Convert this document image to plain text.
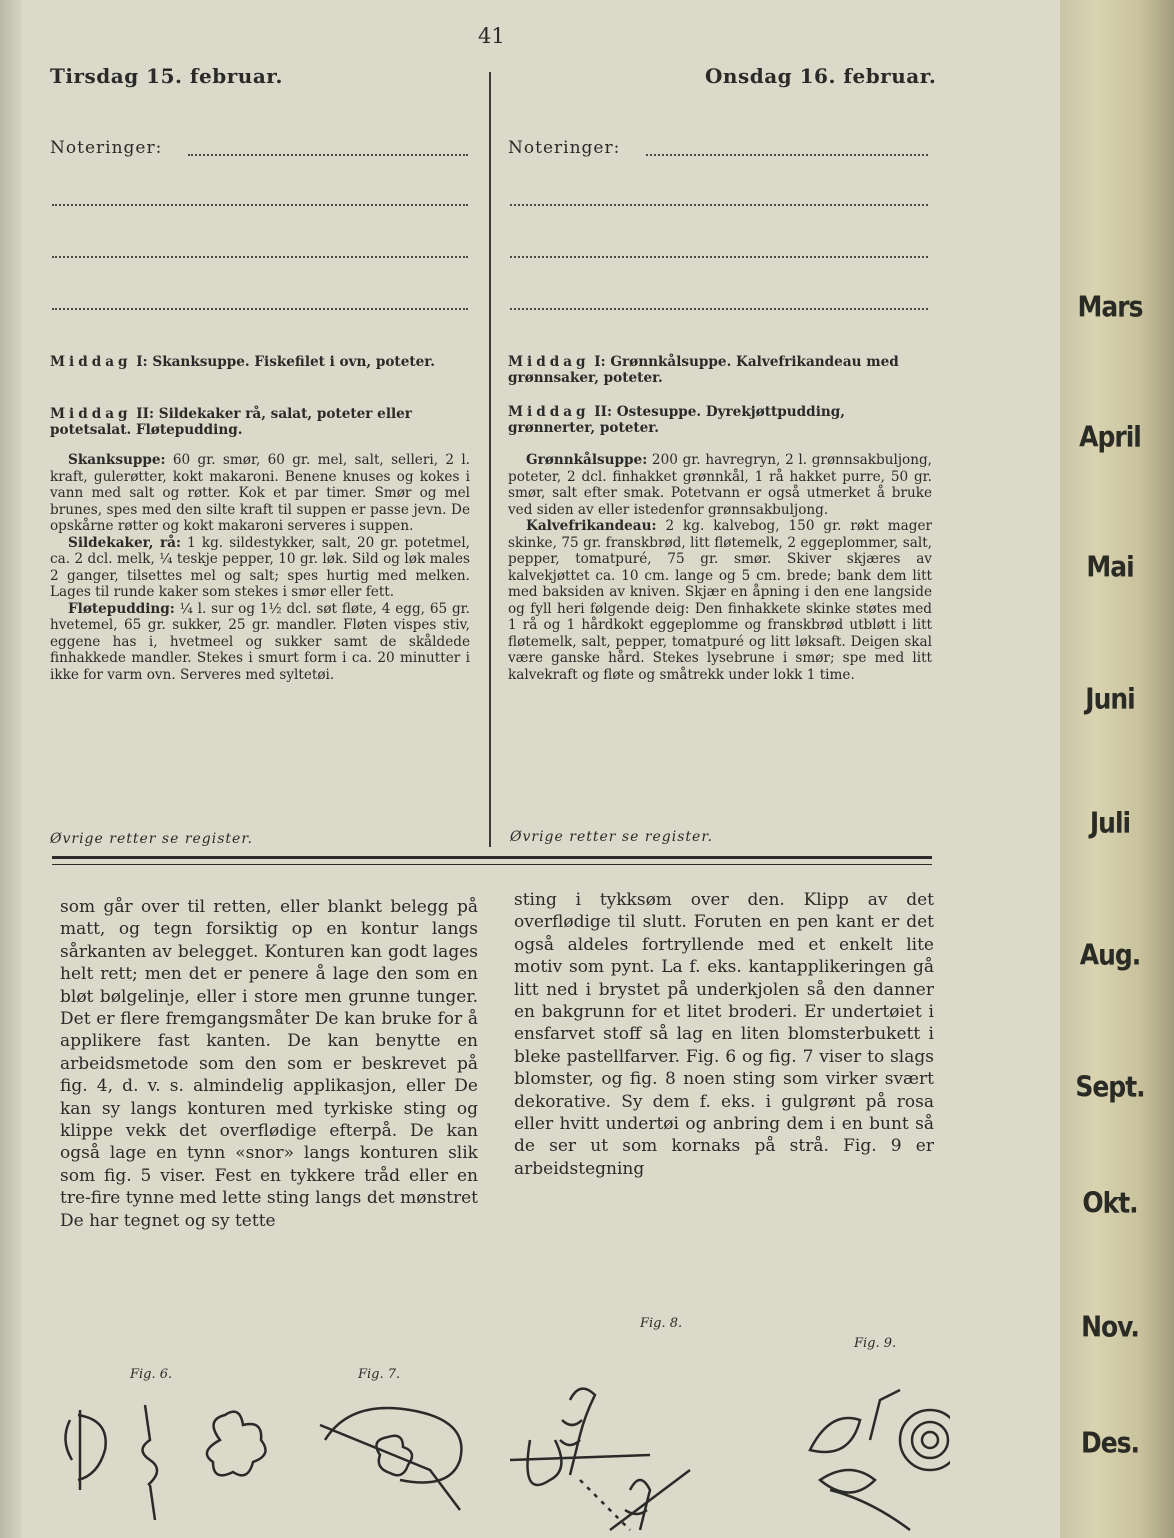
41
Tirsdag 15. februar.	Onsdag 16. februar.
Noteringer:	Noteringer:
Middag I: Skanksuppe. Fiskefilet i ovn, poteter.
Middag II: Sildekaker rå, salat, poteter eller potetsalat. Fløtepudding.

Skanksuppe: 60 gr. smør, 60 gr. mel, salt, selleri, 2 l. kraft, gulerøtter, kokt makaroni. Benene knuses og kokes i vann med salt og røtter. Kok et par timer. Smør og mel brunes, spes med den silte kraft til suppen er passe jevn. De opskårne røtter og kokt makaroni serveres i suppen.

Sildekaker, rå: 1 kg. sildestykker, salt, 20 gr. potetmel, ca. 2 dcl. melk, ¼ teskje pepper, 10 gr. løk. Sild og løk males 2 ganger, tilsettes mel og salt; spes hurtig med melken. Lages til runde kaker som stekes i smør eller fett.

Fløtepudding: ¼ l. sur og 1½ dcl. søt fløte, 4 egg, 65 gr. hvetemel, 65 gr. sukker, 25 gr. mandler. Fløten vispes stiv, eggene has i, hvetmeel og sukker samt de skåldede finhakkede mandler. Stekes i smurt form i ca. 20 minutter i ikke for varm ovn. Serveres med syltetøi.

Øvrige retter se register.
Middag I: Grønnkålsuppe. Kalvefrikandeau med grønnsaker, poteter.
Middag II: Ostesuppe. Dyrekjøttpudding, grønnerter, poteter.

Grønnkålsuppe: 200 gr. havregryn, 2 l. grønnsakbuljong, poteter, 2 dcl. finhakket grønnkål, 1 rå hakket purre, 50 gr. smør, salt efter smak. Potetvann er også utmerket å bruke ved siden av eller istedenfor grønnsakbuljong.

Kalvefrikandeau: 2 kg. kalvebog, 150 gr. røkt mager skinke, 75 gr. franskbrød, litt fløtemelk, 2 eggeplommer, salt, pepper, tomatpuré, 75 gr. smør. Skiver skjæres av kalvekjøttet ca. 10 cm. lange og 5 cm. brede; bank dem litt med baksiden av kniven. Skjær en åpning i den ene langside og fyll heri følgende deig: Den finhakkete skinke støtes med 1 rå og 1 hårdkokt eggeplomme og franskbrød utbløtt i litt fløtemelk, salt, pepper, tomatpuré og litt løksaft. Deigen skal være ganske hård. Stekes lysebrune i smør; spe med litt kalvekraft og fløte og småtrekk under lokk 1 time.

Øvrige retter se register.
som går over til retten, eller blankt belegg på matt, og tegn forsiktig op en kontur langs sårkanten av belegget. Konturen kan godt lages helt rett; men det er penere å lage den som en bløt bølgelinje, eller i store men grunne tunger. Det er flere fremgangsmåter De kan bruke for å applikere fast kanten. De kan benytte en arbeidsmetode som den som er beskrevet på fig. 4, d. v. s. almindelig applikasjon, eller De kan sy langs konturen med tyrkiske sting og klippe vekk det overflødige efterpå. De kan også lage en tynn «snor» langs konturen slik som fig. 5 viser. Fest en tykkere tråd eller en tre-fire tynne med lette sting langs det mønstret De har tegnet og sy tette
sting i tykksøm over den. Klipp av det overflødige til slutt. Foruten en pen kant er det også aldeles fortryllende med et enkelt lite motiv som pynt. La f. eks. kantapplikeringen gå litt ned i brystet på underkjolen så den danner en bakgrunn for et litet broderi. Er undertøiet i ensfarvet stoff så lag en liten blomsterbukett i bleke pastellfarver. Fig. 6 og fig. 7 viser to slags blomster, og fig. 8 noen sting som virker svært dekorative. Sy dem f. eks. i gulgrønt på rosa eller hvitt undertøi og anbring dem i en bunt så de ser ut som kornaks på strå. Fig. 9 er arbeidstegning
Fig. 6.	Fig. 7.
Fig. 8.
Fig. 9.
Mars
April
Mai
Juni
Juli
Aug.
Sept.
Okt.
Nov.
Des.
